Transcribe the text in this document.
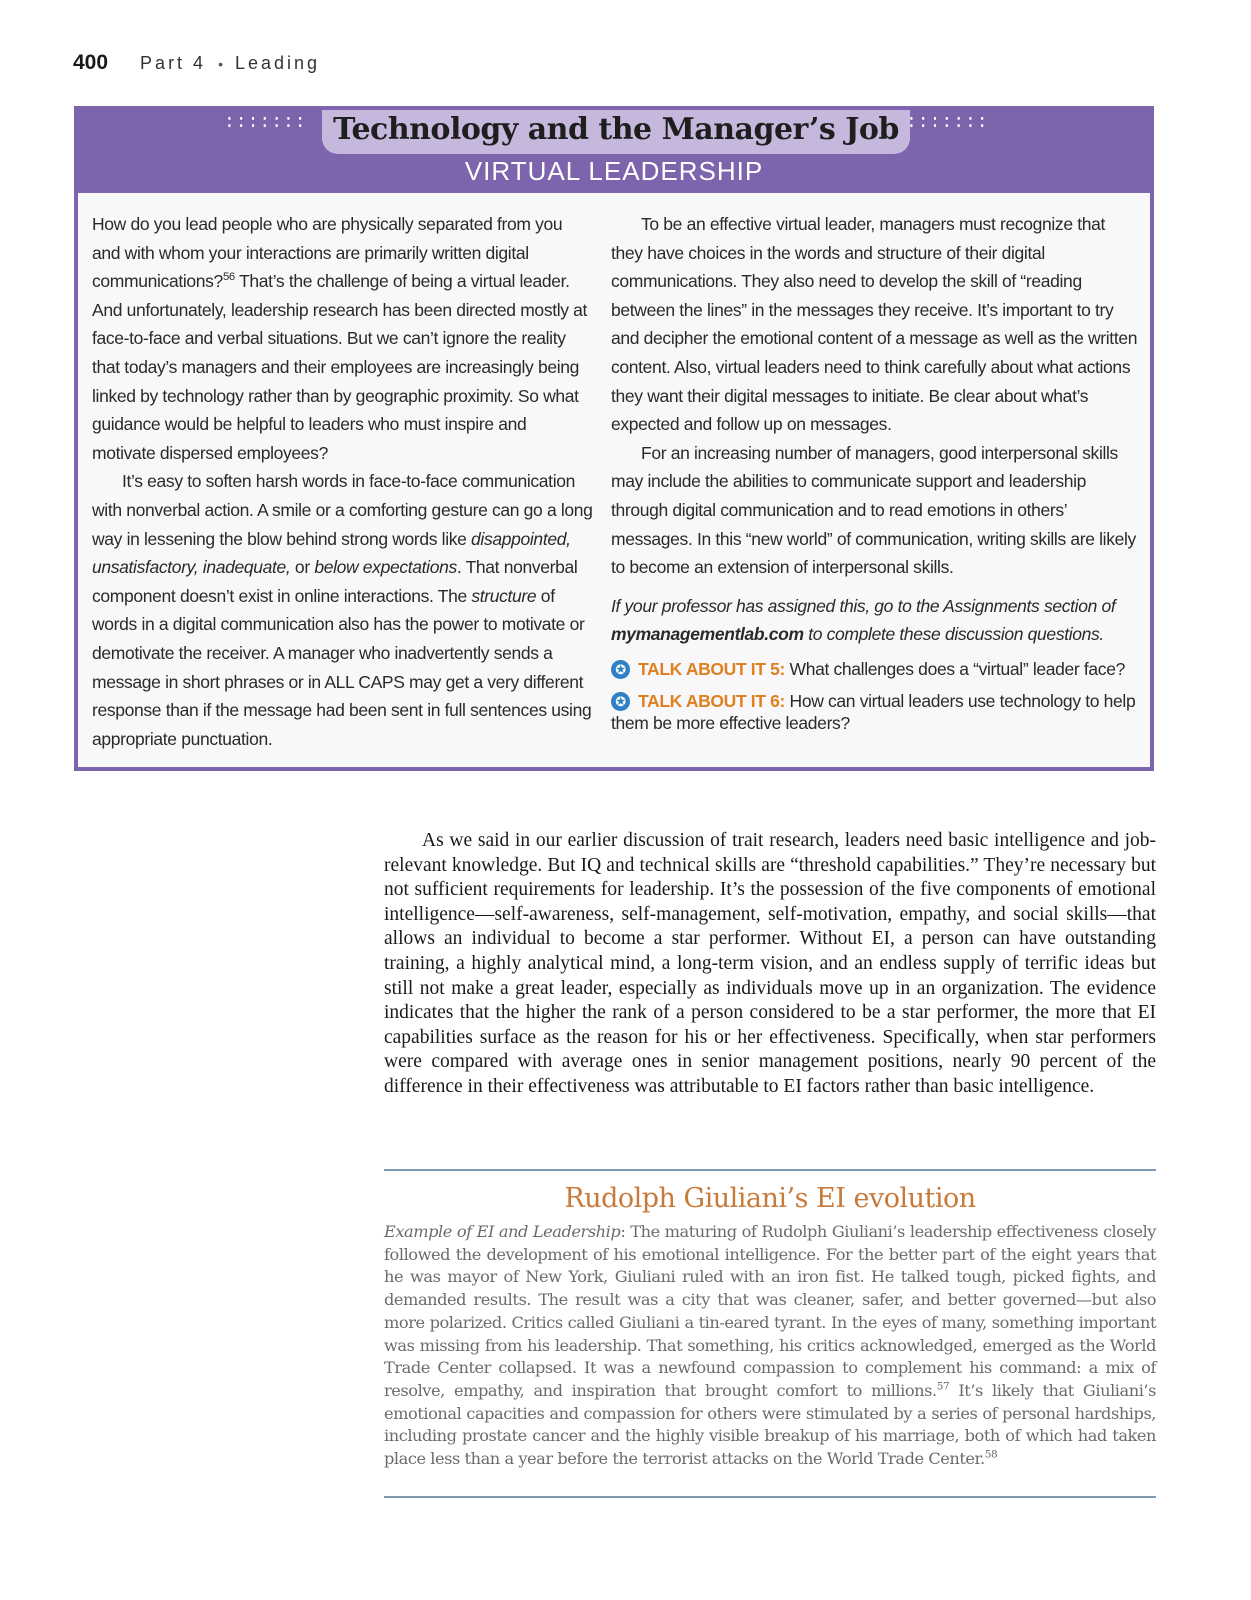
400 Part 4 • Leading
::::::: Technology and the Manager’s Job :::::::
VIRTUAL LEADERSHIP

How do you lead people who are physically separated from you and with whom your interactions are primarily written digital communications?$^{56}$ That’s the challenge of being a virtual leader. And unfortunately, leadership research has been directed mostly at face-to-face and verbal situations. But we can’t ignore the reality that today’s managers and their employees are increasingly being linked by technology rather than by geographic proximity. So what guidance would be helpful to leaders who must inspire and motivate dispersed employees?

It’s easy to soften harsh words in face-to-face communication with nonverbal action. A smile or a comforting gesture can go a long way in lessening the blow behind strong words like disappointed, unsatisfactory, inadequate, or below expectations. That nonverbal component doesn’t exist in online interactions. The structure of words in a digital communication also has the power to motivate or demotivate the receiver. A manager who inadvertently sends a message in short phrases or in ALL CAPS may get a very different response than if the message had been sent in full sentences using appropriate punctuation.

To be an effective virtual leader, managers must recognize that they have choices in the words and structure of their digital communications. They also need to develop the skill of “reading between the lines” in the messages they receive. It’s important to try and decipher the emotional content of a message as well as the written content. Also, virtual leaders need to think carefully about what actions they want their digital messages to initiate. Be clear about what’s expected and follow up on messages.

For an increasing number of managers, good interpersonal skills may include the abilities to communicate support and leadership through digital communication and to read emotions in others’ messages. In this “new world” of communication, writing skills are likely to become an extension of interpersonal skills.

If your professor has assigned this, go to the Assignments section of mymanagementlab.com to complete these discussion questions.

✪ TALK ABOUT IT 5: What challenges does a “virtual” leader face?

✪ TALK ABOUT IT 6: How can virtual leaders use technology to help them be more effective leaders?

As we said in our earlier discussion of trait research, leaders need basic intelligence and job-relevant knowledge. But IQ and technical skills are “threshold capabilities.” They’re necessary but not sufficient requirements for leadership. It’s the possession of the five components of emotional intelligence—self-awareness, self-management, self-motivation, empathy, and social skills—that allows an individual to become a star performer. Without EI, a person can have outstanding training, a highly analytical mind, a long-term vision, and an endless supply of terrific ideas but still not make a great leader, especially as individuals move up in an organization. The evidence indicates that the higher the rank of a person considered to be a star performer, the more that EI capabilities surface as the reason for his or her effectiveness. Specifically, when star performers were compared with average ones in senior management positions, nearly 90 percent of the difference in their effectiveness was attributable to EI factors rather than basic intelligence.

Rudolph Giuliani’s EI evolution

Example of EI and Leadership: The maturing of Rudolph Giuliani’s leadership effectiveness closely followed the development of his emotional intelligence. For the better part of the eight years that he was mayor of New York, Giuliani ruled with an iron fist. He talked tough, picked fights, and demanded results. The result was a city that was cleaner, safer, and better governed—but also more polarized. Critics called Giuliani a tin-eared tyrant. In the eyes of many, something important was missing from his leadership. That something, his critics acknowledged, emerged as the World Trade Center collapsed. It was a newfound compassion to complement his command: a mix of resolve, empathy, and inspiration that brought comfort to millions.$^{57}$ It’s likely that Giuliani’s emotional capacities and compassion for others were stimulated by a series of personal hardships, including prostate cancer and the highly visible breakup of his marriage, both of which had taken place less than a year before the terrorist attacks on the World Trade Center.$^{58}$
